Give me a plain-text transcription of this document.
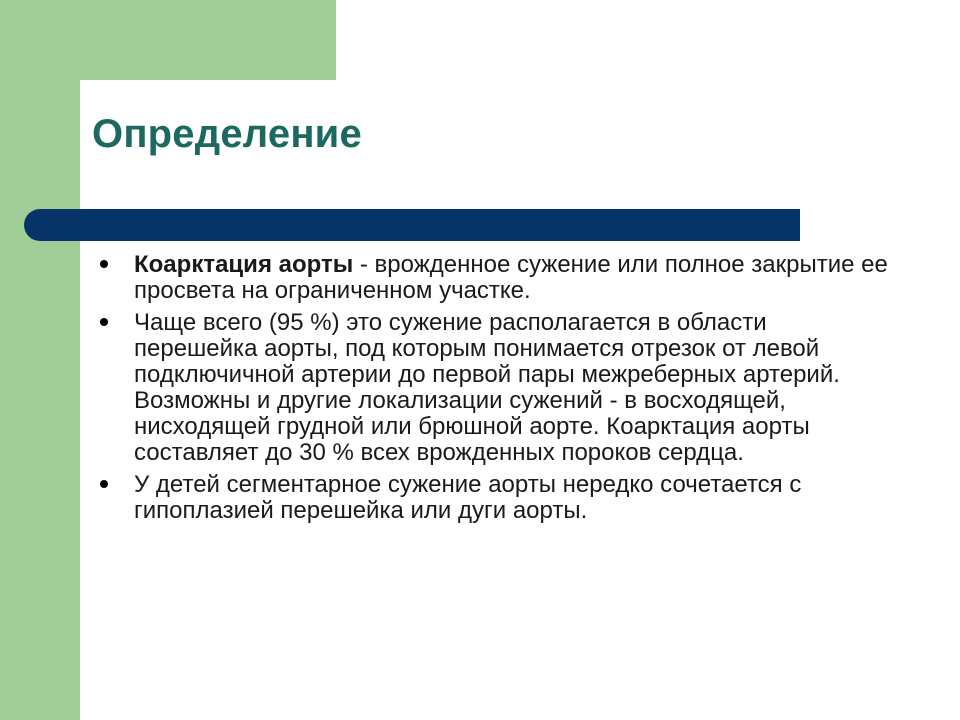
Определение
Коарктация аорты - врожденное сужение или полное закрытие ее просвета на ограниченном участке.
Чаще всего (95 %) это сужение располагается в области перешейка аорты, под которым понимается отрезок от левой подключичной артерии до первой пары межреберных артерий. Возможны и другие локализации сужений - в восходящей, нисходящей грудной или брюшной аорте. Коарктация аорты составляет до 30 % всех врожденных пороков сердца.
У детей сегментарное сужение аорты нередко сочетается с гипоплазией перешейка или дуги аорты.
